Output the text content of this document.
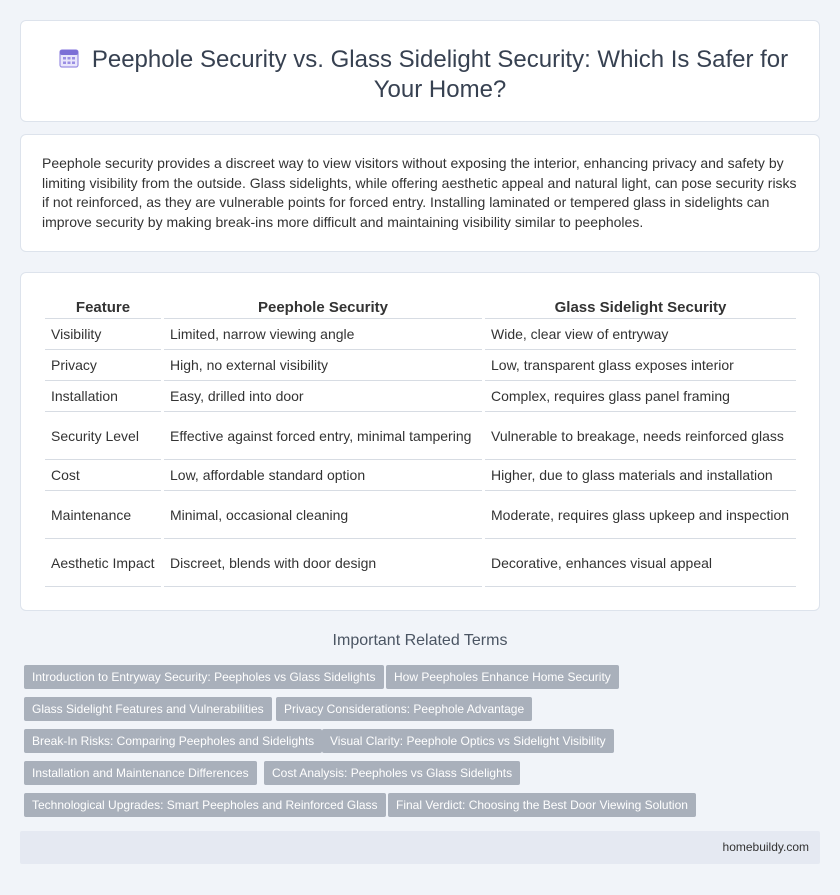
Peephole Security vs. Glass Sidelight Security: Which Is Safer for Your Home?

Peephole security provides a discreet way to view visitors without exposing the interior, enhancing privacy and safety by limiting visibility from the outside. Glass sidelights, while offering aesthetic appeal and natural light, can pose security risks if not reinforced, as they are vulnerable points for forced entry. Installing laminated or tempered glass in sidelights can improve security by making break-ins more difficult and maintaining visibility similar to peepholes.

Feature	Peephole Security	Glass Sidelight Security
Visibility	Limited, narrow viewing angle	Wide, clear view of entryway
Privacy	High, no external visibility	Low, transparent glass exposes interior
Installation	Easy, drilled into door	Complex, requires glass panel framing
Security Level	Effective against forced entry, minimal tampering	Vulnerable to breakage, needs reinforced glass
Cost	Low, affordable standard option	Higher, due to glass materials and installation
Maintenance	Minimal, occasional cleaning	Moderate, requires glass upkeep and inspection
Aesthetic Impact	Discreet, blends with door design	Decorative, enhances visual appeal
Important Related Terms
Introduction to Entryway Security: Peepholes vs Glass Sidelights	How Peepholes Enhance Home Security
Glass Sidelight Features and Vulnerabilities	Privacy Considerations: Peephole Advantage
Break-In Risks: Comparing Peepholes and Sidelights	Visual Clarity: Peephole Optics vs Sidelight Visibility
Installation and Maintenance Differences	Cost Analysis: Peepholes vs Glass Sidelights
Technological Upgrades: Smart Peepholes and Reinforced Glass	Final Verdict: Choosing the Best Door Viewing Solution
homebuildy.com
